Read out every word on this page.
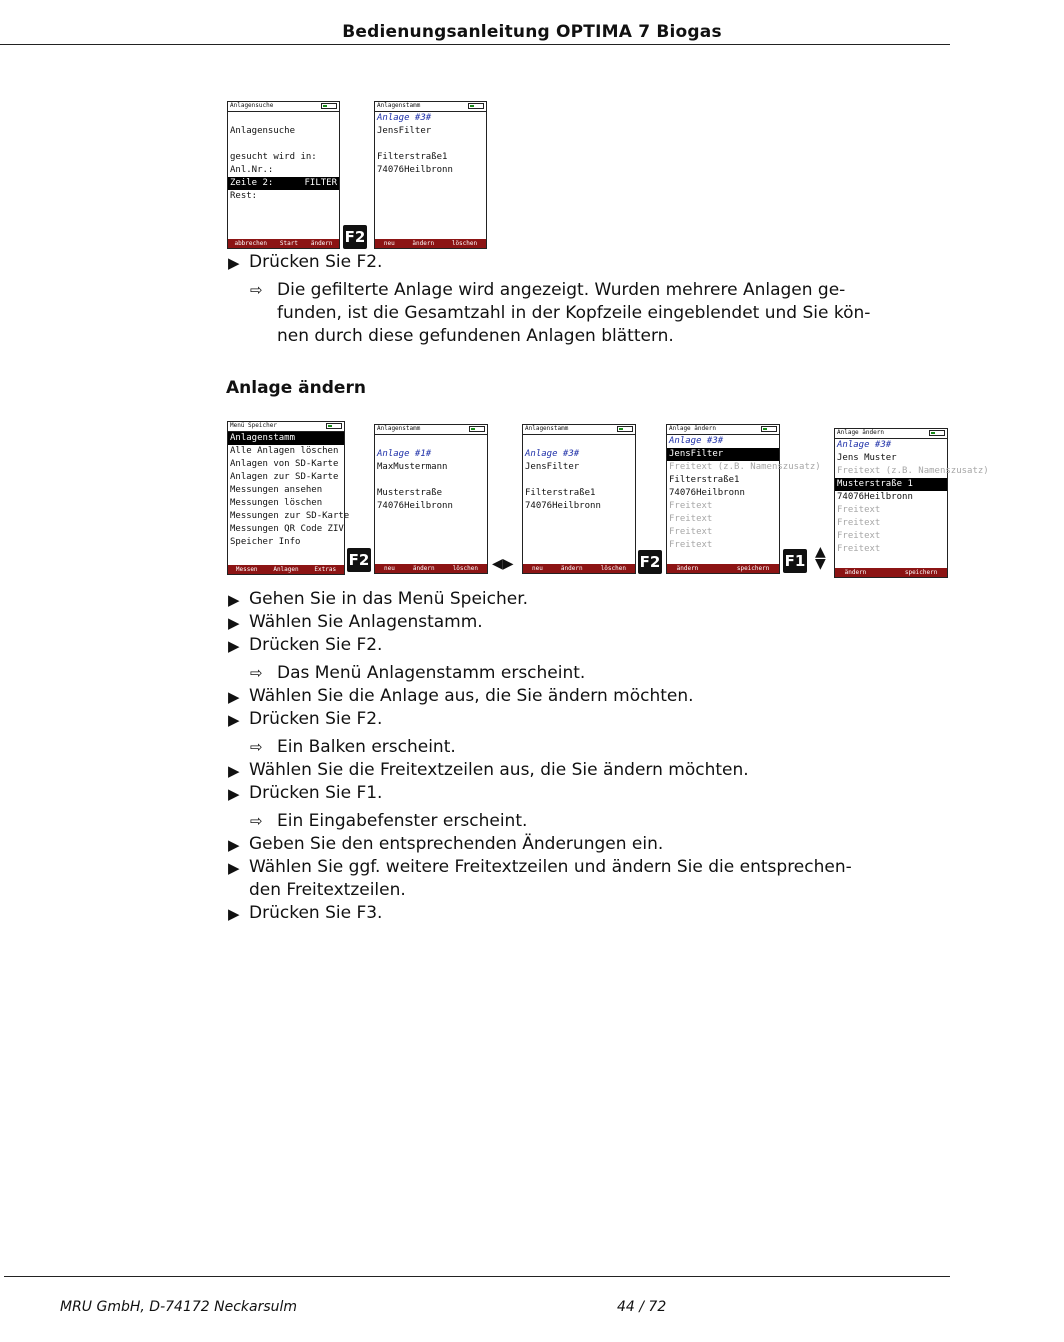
Bedienungsanleitung OPTIMA 7 Biogas
MRU GmbH, D-74172 Neckarsulm	44 / 72
Anlagensuche
Anlagensuche
gesucht wird in:
Anl.Nr.:
Zeile 2:	FILTER
Rest:
abbrechen Start ändern F2
Anlagenstamm
Anlage #3#
JensFilter
Filterstraße1
74076Heilbronn
neu	ändern	löschen
▶ Drücken Sie F2.
⇨ Die gefilterte Anlage wird angezeigt. Wurden mehrere Anlagen ge-
funden, ist die Gesamtzahl in der Kopfzeile eingeblendet und Sie kön-
nen durch diese gefundenen Anlagen blättern.
Anlage ändern
Menü Speicher
Anlagenstamm
Alle Anlagen löschen
Anlagen von SD-Karte
Anlagen zur SD-Karte
Messungen ansehen
Messungen löschen
Messungen zur SD-Karte
Messungen QR Code ZIV
Speicher Info
Messen	Anlagen	Extras
F2
Anlagenstamm
Anlage #1#
MaxMustermann
Musterstraße
74076Heilbronn
neu	ändern	löschen ◀▶
Anlagenstamm
Anlage #3#
JensFilter
Filterstraße1
74076Heilbronn
neu	ändern	löschen F2
Anlage ändern
Anlage #3#
JensFilter
Freitext (z.B. Namenszusatz)
Filterstraße1
74076Heilbronn
Freitext
Freitext
Freitext
Freitext
ändern	speichern F1 ▲
▼
Anlage ändern
Anlage #3#
Jens Muster
Freitext (z.B. Namenszusatz)
Musterstraße 1
74076Heilbronn
Freitext
Freitext
Freitext
Freitext
ändern	speichern
▶ Gehen Sie in das Menü Speicher.
▶ Wählen Sie Anlagenstamm.
▶ Drücken Sie F2.
⇨ Das Menü Anlagenstamm erscheint.
▶ Wählen Sie die Anlage aus, die Sie ändern möchten.
▶ Drücken Sie F2.
⇨ Ein Balken erscheint.
▶ Wählen Sie die Freitextzeilen aus, die Sie ändern möchten.
▶ Drücken Sie F1.
⇨ Ein Eingabefenster erscheint.
▶ Geben Sie den entsprechenden Änderungen ein.
▶ Wählen Sie ggf. weitere Freitextzeilen und ändern Sie die entsprechen-
den Freitextzeilen.
▶ Drücken Sie F3.
